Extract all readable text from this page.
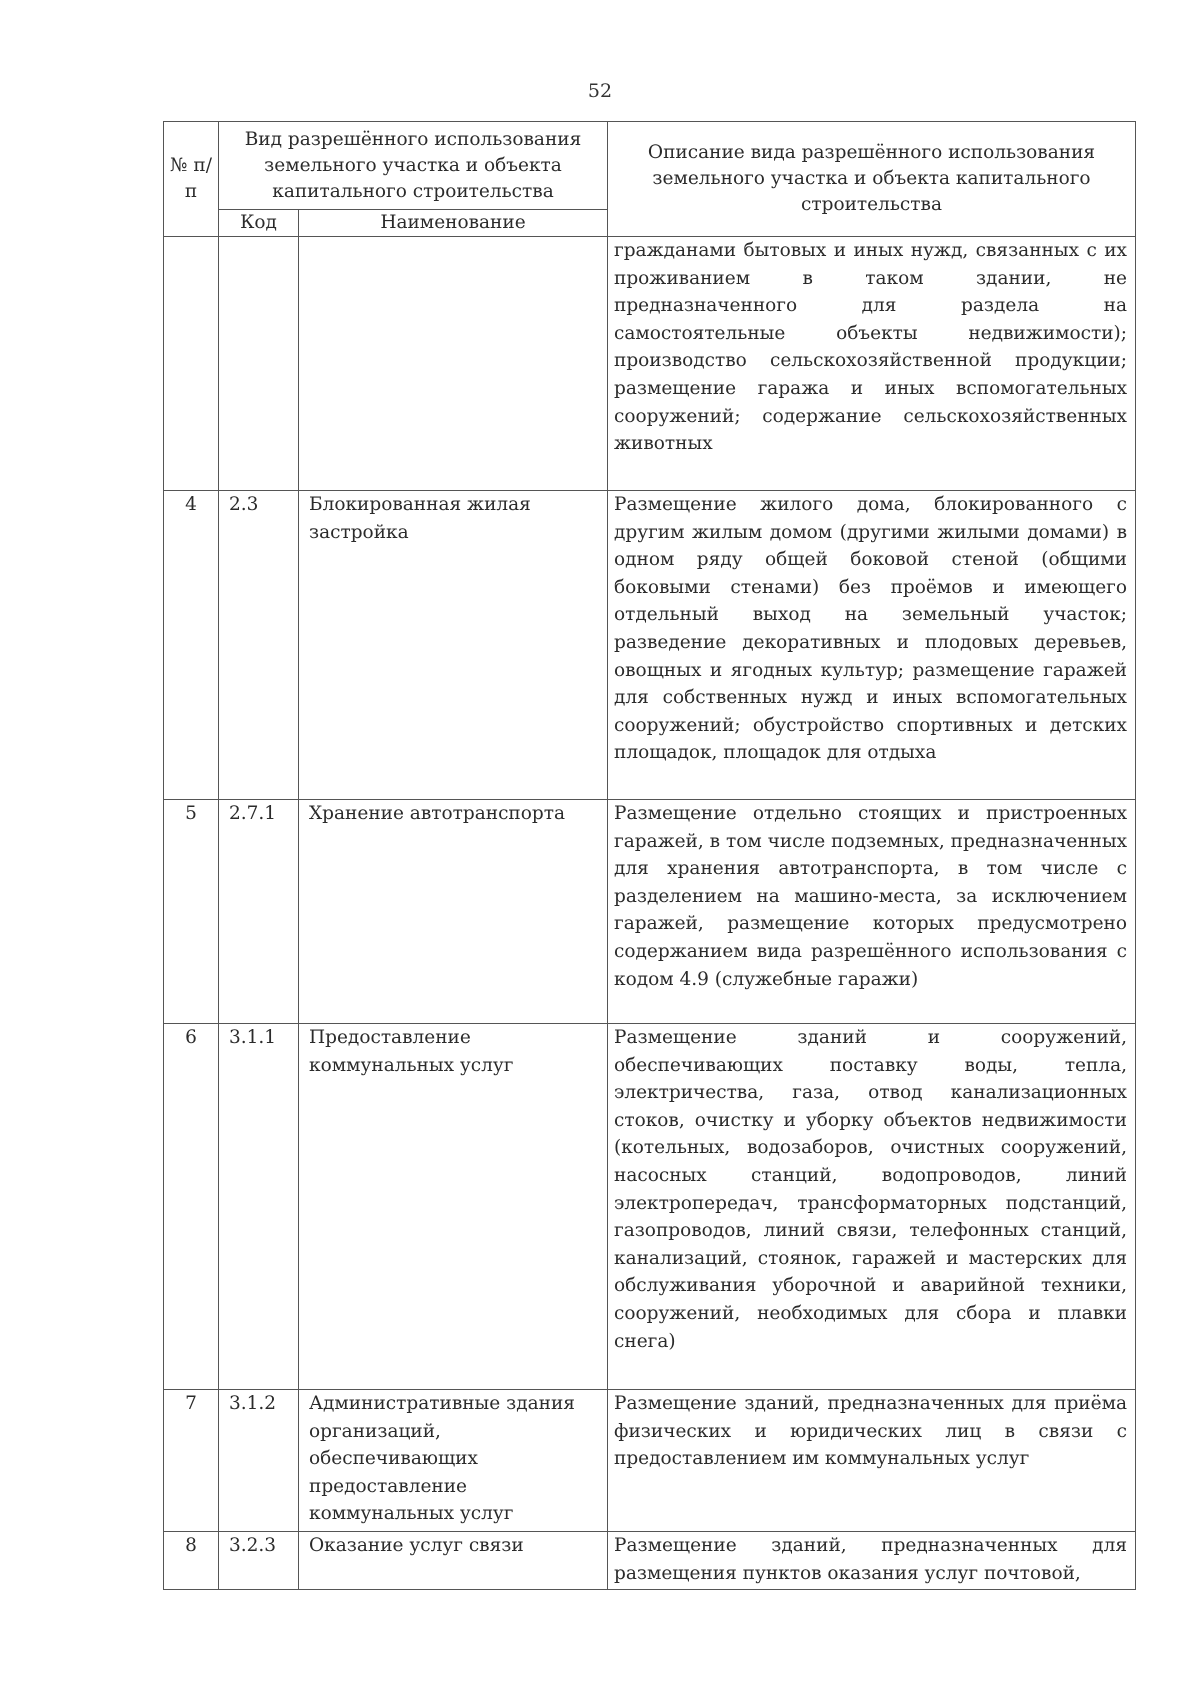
52
№ п/п	Вид разрешённого использования земельного участка и объекта капитального строительства		Описание вида разрешённого использования земельного участка и объекта капитального строительства
	Код	Наименование	
			гражданами бытовых и иных нужд, связанных с их проживанием в таком здании, не предназначенного для раздела на самостоятельные объекты недвижимости); производство сельскохозяйственной продукции; размещение гаража и иных вспомогательных сооружений; содержание сельскохозяйственных животных
4	2.3	Блокированная жилая застройка	Размещение жилого дома, блокированного с другим жилым домом (другими жилыми домами) в одном ряду общей боковой стеной (общими боковыми стенами) без проёмов и имеющего отдельный выход на земельный участок; разведение декоративных и плодовых деревьев, овощных и ягодных культур; размещение гаражей для собственных нужд и иных вспомогательных сооружений; обустройство спортивных и детских площадок, площадок для отдыха
5	2.7.1	Хранение автотранспорта	Размещение отдельно стоящих и пристроенных гаражей, в том числе подземных, предназначенных для хранения автотранспорта, в том числе с разделением на машино-места, за исключением гаражей, размещение которых предусмотрено содержанием вида разрешённого использования с кодом 4.9 (служебные гаражи)
6	3.1.1	Предоставление коммунальных услуг	Размещение зданий и сооружений, обеспечивающих поставку воды, тепла, электричества, газа, отвод канализационных стоков, очистку и уборку объектов недвижимости (котельных, водозаборов, очистных сооружений, насосных станций, водопроводов, линий электропередач, трансформаторных подстанций, газопроводов, линий связи, телефонных станций, канализаций, стоянок, гаражей и мастерских для обслуживания уборочной и аварийной техники, сооружений, необходимых для сбора и плавки снега)
7	3.1.2	Административные здания организаций, обеспечивающих предоставление коммунальных услуг	Размещение зданий, предназначенных для приёма физических и юридических лиц в связи с предоставлением им коммунальных услуг
8	3.2.3	Оказание услуг связи	Размещение зданий, предназначенных для размещения пунктов оказания услуг почтовой,
